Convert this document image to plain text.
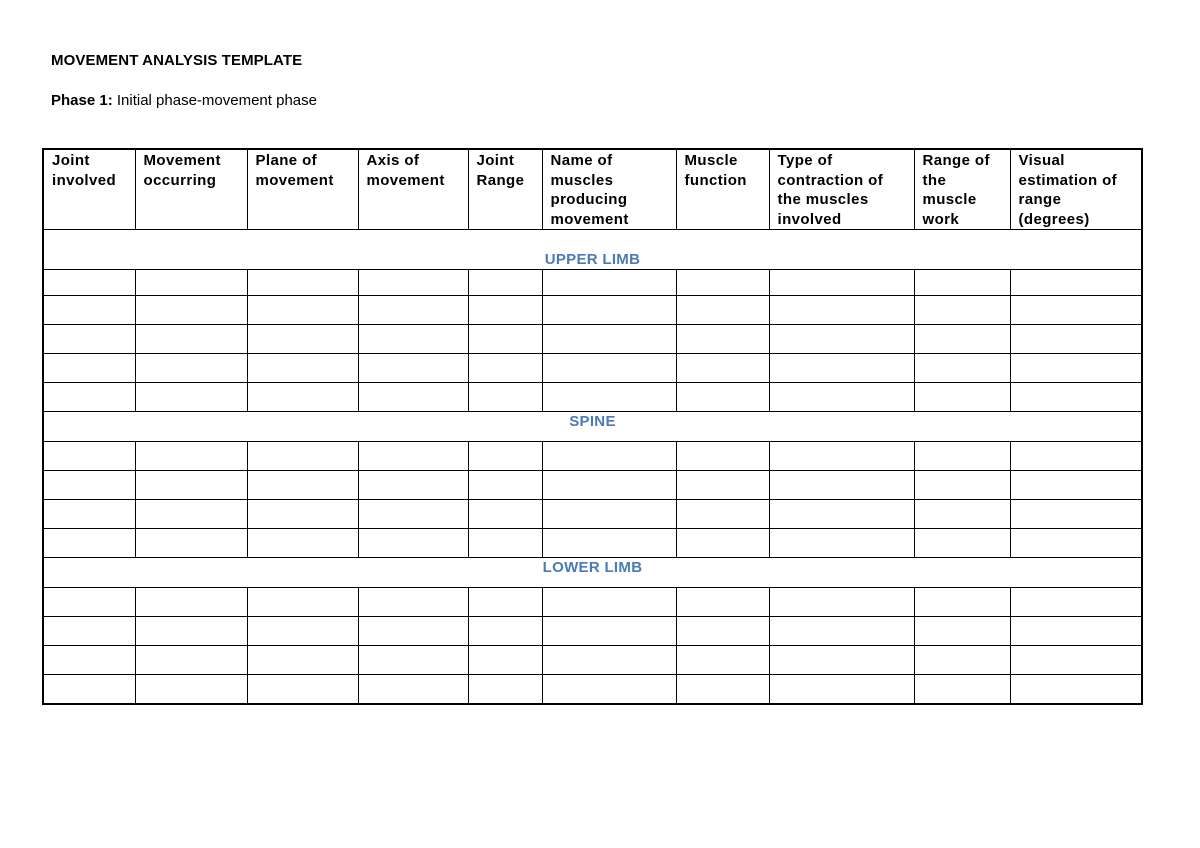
MOVEMENT ANALYSIS TEMPLATE
Phase 1: Initial phase-movement phase
Joint involved	Movement occurring	Plane of movement	Axis of movement	Joint Range	Name of muscles producing movement	Muscle function	Type of contraction of the muscles involved	Range of the muscle work	Visual estimation of range (degrees)
UPPER LIMB									

SPINE									

LOWER LIMB									
